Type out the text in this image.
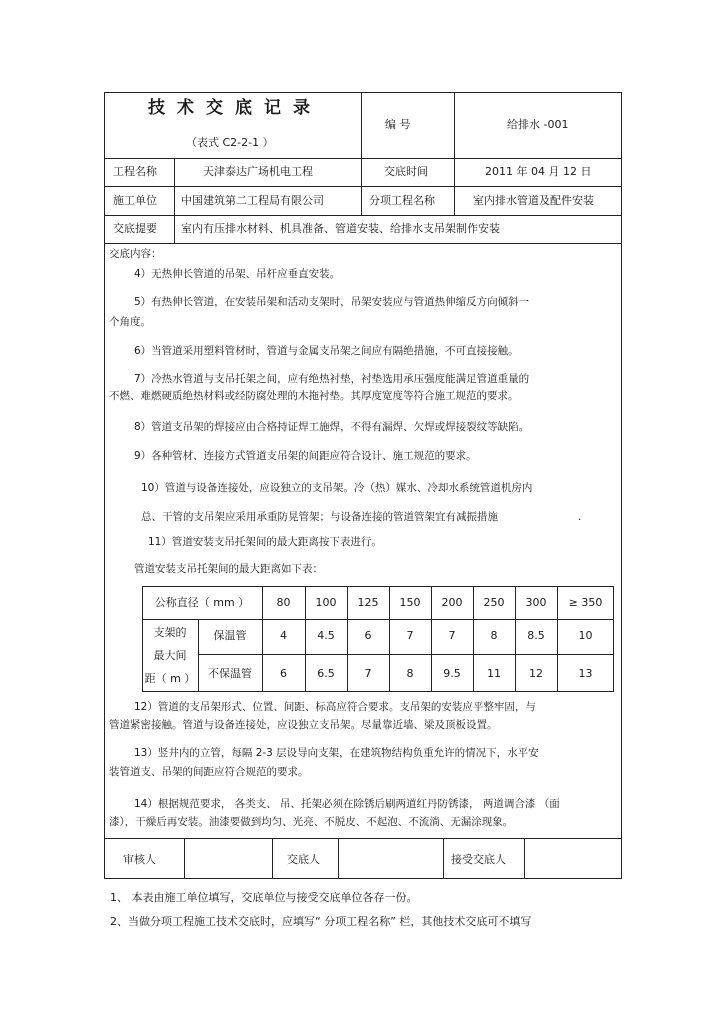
技术交底记录
（表式 C2-2-1 ）
编 号	给排水 -001
工程名称	天津泰达广场机电工程	交底时间	2011 年 04 月 12 日
施工单位 中国建筑第二工程局有限公司	分项工程名称	室内排水管道及配件安装
交底提要 室内有压排水材料、机具准备、管道安装、给排水支吊架制作安装
交底内容：
4）无热伸长管道的吊架、吊杆应垂直安装。
5）有热伸长管道，在安装吊架和活动支架时，吊架安装应与管道热伸缩反方向倾斜一
个角度。
6）当管道采用塑料管材时，管道与金属支吊架之间应有隔绝措施，不可直接接触。
7）冷热水管道与支吊托架之间，应有绝热衬垫，衬垫选用承压强度能满足管道重量的
不燃、难燃硬质绝热材料或经防腐处理的木拖衬垫。其厚度宽度等符合施工规范的要求。
8）管道支吊架的焊接应由合格持证焊工施焊，不得有漏焊、欠焊或焊接裂纹等缺陷。
9）各种管材、连接方式管道支吊架的间距应符合设计、施工规范的要求。
10）管道与设备连接处，应设独立的支吊架。冷（热）媒水、冷却水系统管道机房内
总、干管的支吊架应采用承重防晃管架；与设备连接的管道管架宜有减振措施	.
11）管道安装支吊托架间的最大距离按下表进行。
管道安装支吊托架间的最大距离如下表：
公称直径（ mm ）	80	100	125	150	200	250	300	≥ 350
支架的
最大间
距（ m ）
保温管	4	4.5	6	7	7	8	8.5	10
不保温管	6	6.5	7	8	9.5	11	12	13
12）管道的支吊架形式、位置、间距、标高应符合要求。支吊架的安装应平整牢固，与
管道紧密接触。管道与设备连接处，应设独立支吊架。尽量靠近墙、梁及顶板设置。
13）竖井内的立管，每隔 2-3 层设导向支架，在建筑物结构负重允许的情况下，水平安
装管道支、吊架的间距应符合规范的要求。
14）根据规范要求， 各类支、 吊、托架必须在除锈后刷两道红丹防锈漆， 两道调合漆 （面
漆），干燥后再安装。油漆要做到均匀、光亮、不脱皮、不起泡、不流淌、无漏涂现象。
审核人	交底人	接受交底人
1、 本表由施工单位填写，交底单位与接受交底单位各存一份。
2、当做分项工程施工技术交底时，应填写“ 分项工程名称” 栏，其他技术交底可不填写
